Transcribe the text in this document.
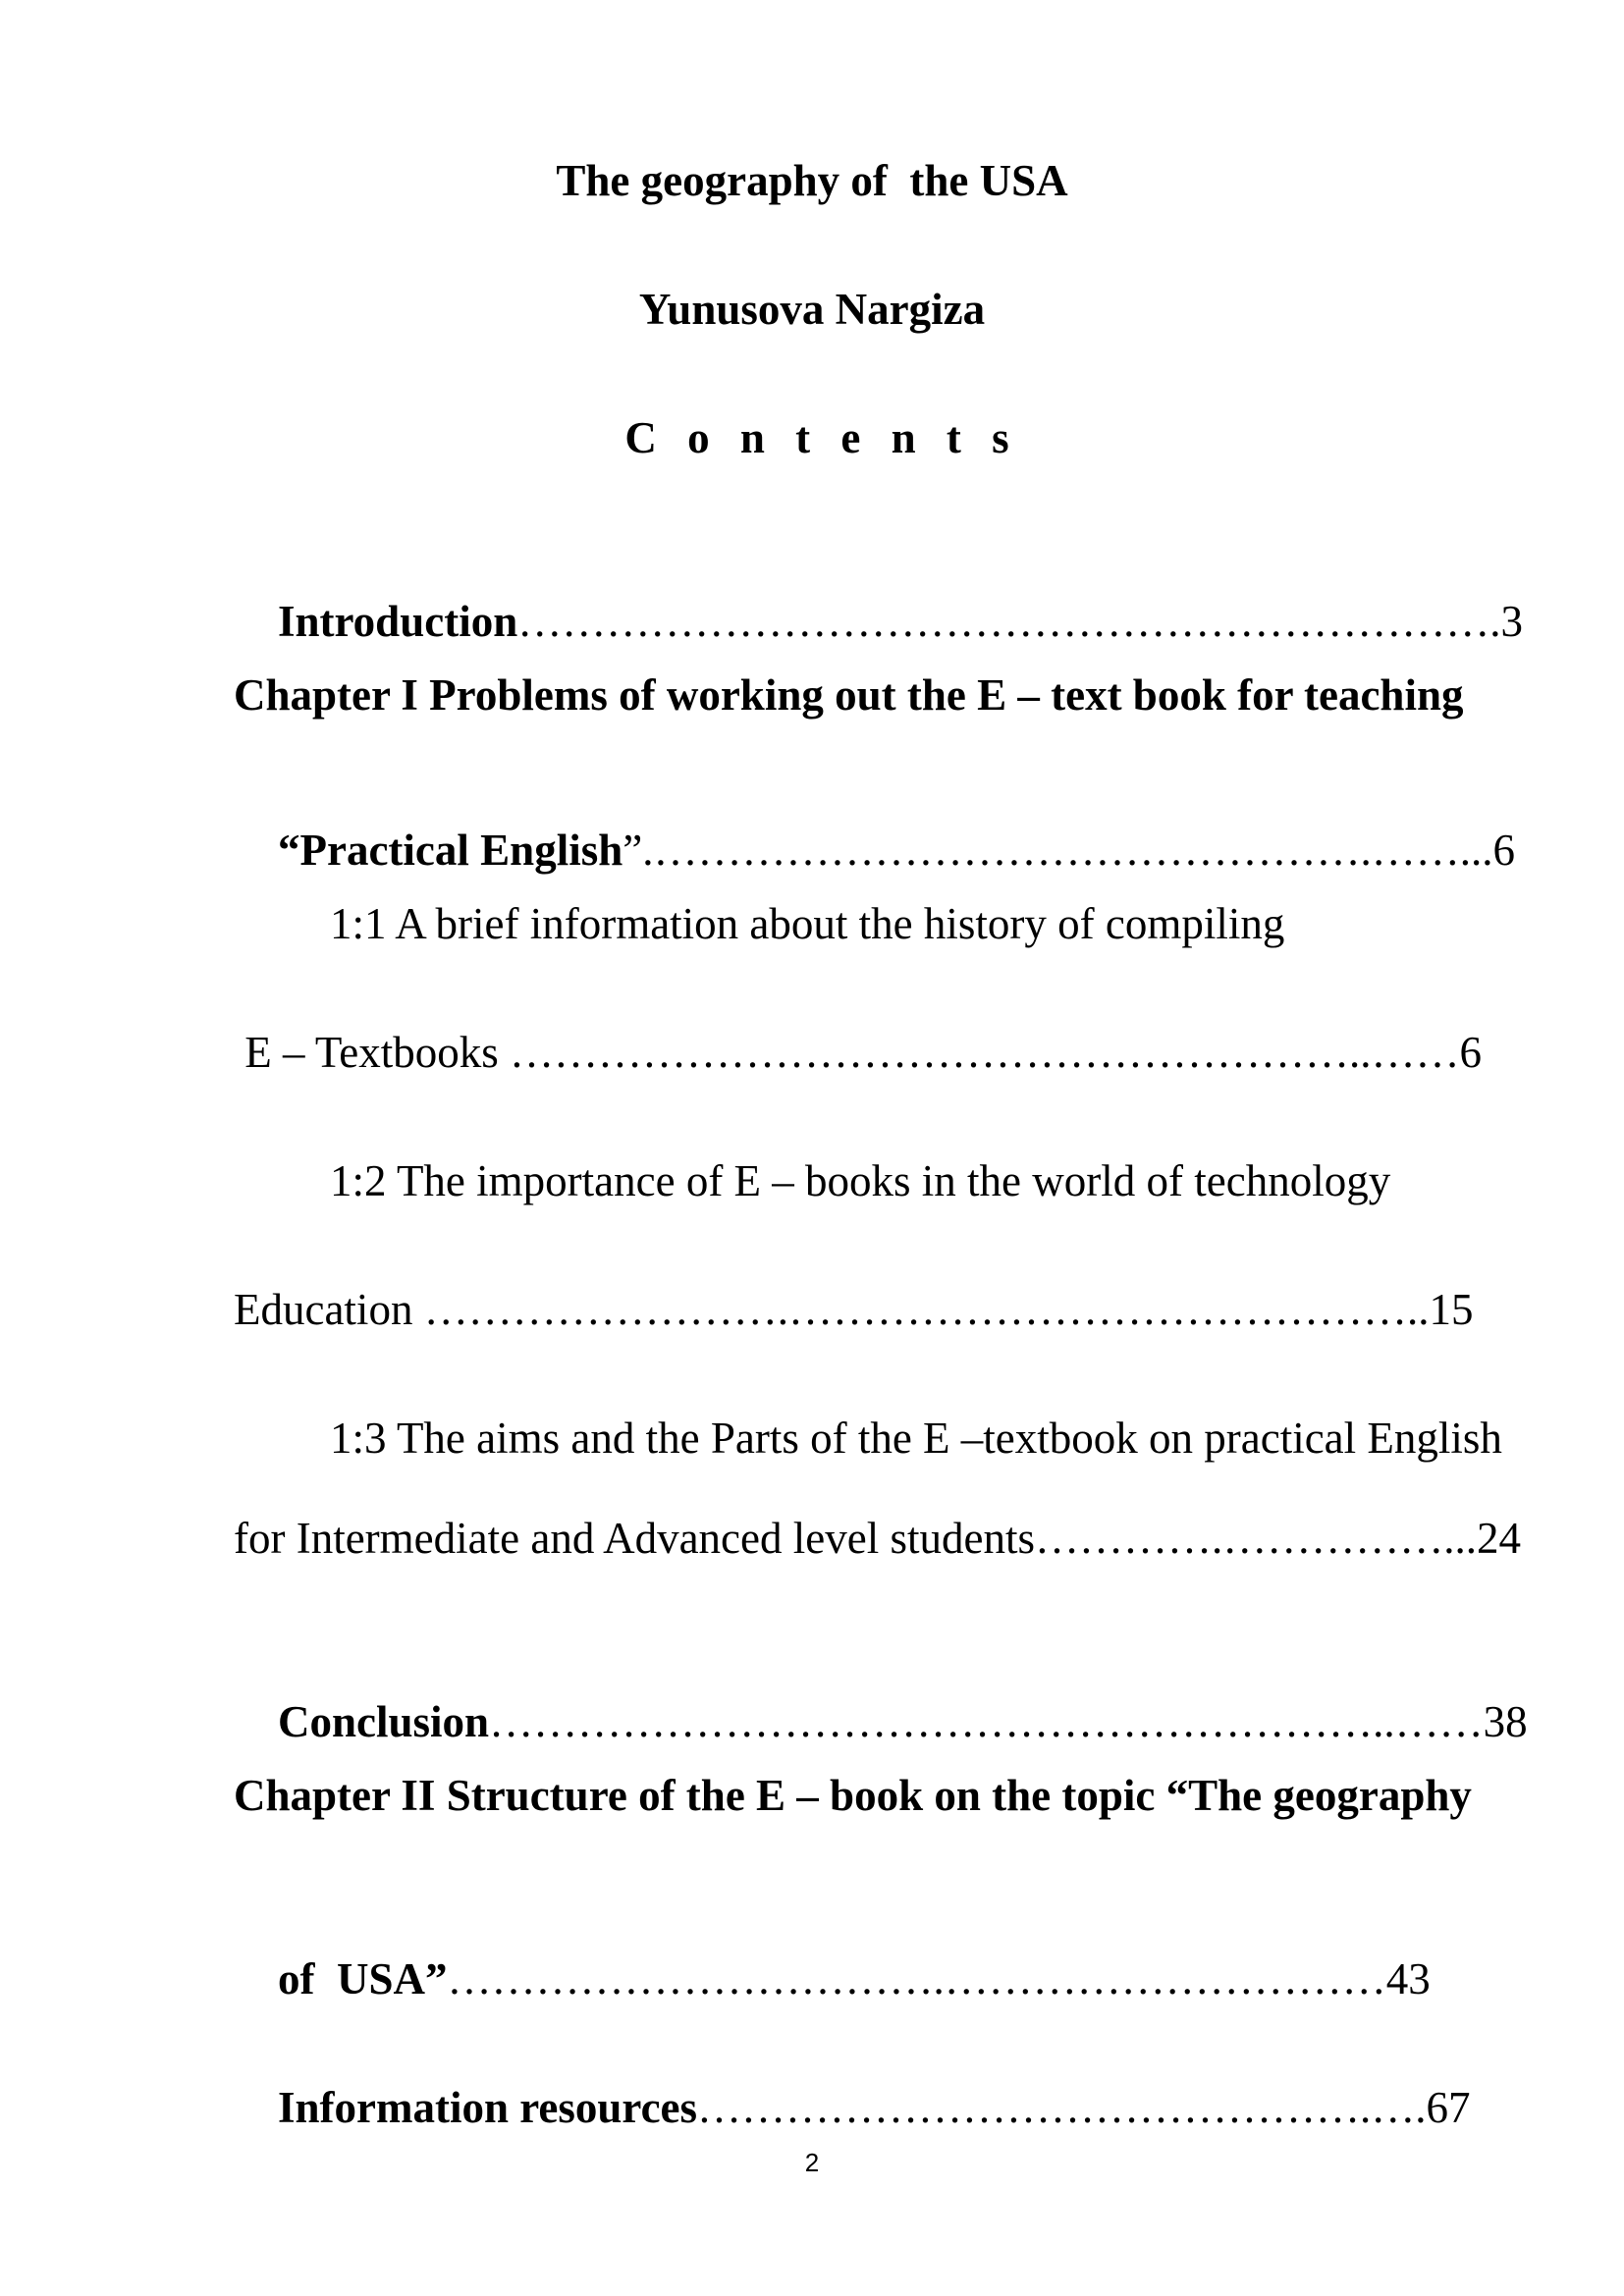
The geography of  the USA
Yunusova Nargiza
C o n t e n t s

Introduction………………………………………………………….3

Chapter I Problems of working out the E – text book for teaching

“Practical English”.………………………………………….……...6

1:1 A brief information about the history of compiling
E – Textbooks …………………………………………………..……6
1:2 The importance of E – books in the world of technology
Education …………………….……………………………………..15
1:3 The aims and the Parts of the E –textbook on practical English
for Intermediate and Advanced level students………….……………...24

Conclusion……………………………………………………..……38

Chapter II Structure of the E – book on the topic “The geography

of  USA”…………………………….…………………………43

Information resources……………………………………….….67

2
